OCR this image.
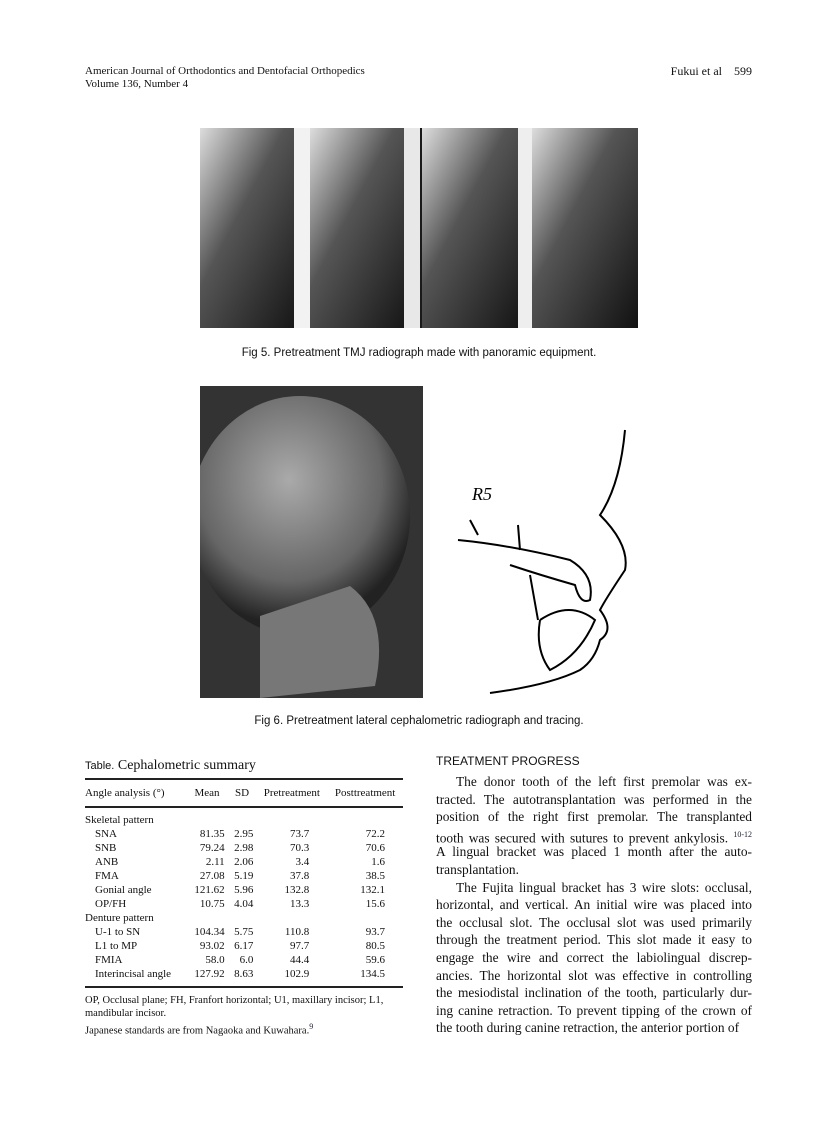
American Journal of Orthodontics and Dentofacial Orthopedics
Volume 136, Number 4
Fukui et al 599
Fig 5. Pretreatment TMJ radiograph made with panoramic equipment.
R5
Fig 6. Pretreatment lateral cephalometric radiograph and tracing.
Table. Cephalometric summary
Angle analysis (°)	Mean	SD	Pretreatment	Posttreatment
Skeletal pattern				
SNA	81.35	2.95	73.7	72.2
SNB	79.24	2.98	70.3	70.6
ANB	2.11	2.06	3.4	1.6
FMA	27.08	5.19	37.8	38.5
Gonial angle	121.62	5.96	132.8	132.1
OP/FH	10.75	4.04	13.3	15.6
Denture pattern				
U-1 to SN	104.34	5.75	110.8	93.7
L1 to MP	93.02	6.17	97.7	80.5
FMIA	58.0	6.0	44.4	59.6
Interincisal angle	127.92	8.63	102.9	134.5
OP, Occlusal plane; FH, Franfort horizontal; U1, maxillary incisor; L1, mandibular incisor.
Japanese standards are from Nagaoka and Kuwahara.$^9$
TREATMENT PROGRESS
The donor tooth of the left first premolar was ex-
tracted. The autotransplantation was performed in the
position of the right first premolar. The transplanted
tooth was secured with sutures to prevent ankylosis. $^{10-12}$
A lingual bracket was placed 1 month after the auto-
transplantation.
The Fujita lingual bracket has 3 wire slots: occlusal,
horizontal, and vertical. An initial wire was placed into
the occlusal slot. The occlusal slot was used primarily
through the treatment period. This slot made it easy to
engage the wire and correct the labiolingual discrep-
ancies. The horizontal slot was effective in controlling
the mesiodistal inclination of the tooth, particularly dur-
ing canine retraction. To prevent tipping of the crown of
the tooth during canine retraction, the anterior portion of
